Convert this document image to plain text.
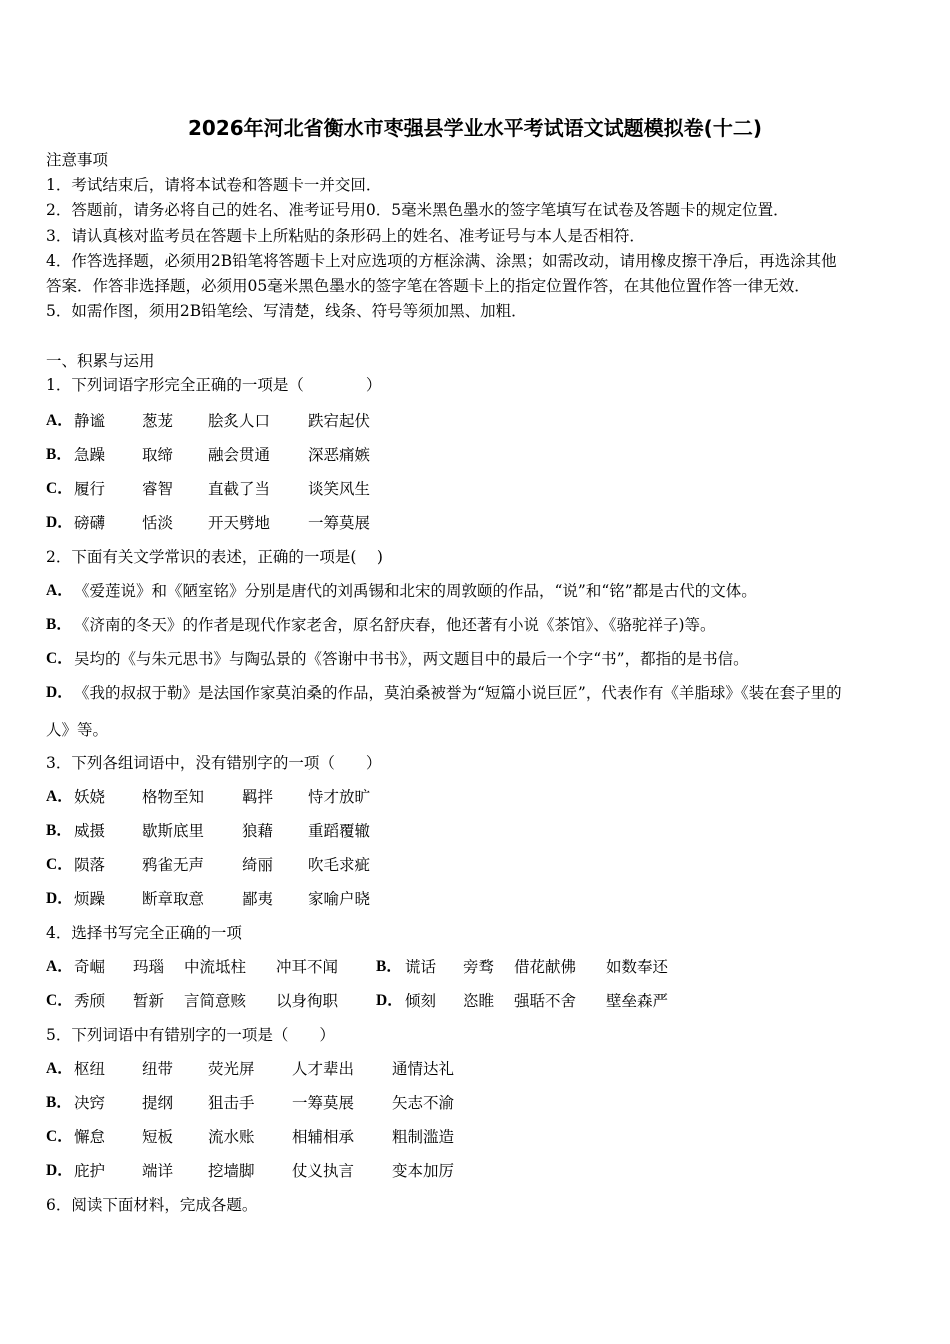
2026年河北省衡水市枣强县学业水平考试语文试题模拟卷(十二)
注意事项
1．考试结束后，请将本试卷和答题卡一并交回．
2．答题前，请务必将自己的姓名、准考证号用0．5毫米黑色墨水的签字笔填写在试卷及答题卡的规定位置．
3．请认真核对监考员在答题卡上所粘贴的条形码上的姓名、准考证号与本人是否相符．
4．作答选择题，必须用2B铅笔将答题卡上对应选项的方框涂满、涂黑；如需改动，请用橡皮擦干净后，再选涂其他
答案．作答非选择题，必须用05毫米黑色墨水的签字笔在答题卡上的指定位置作答，在其他位置作答一律无效．
5．如需作图，须用2B铅笔绘、写清楚，线条、符号等须加黑、加粗．
一、积累与运用
1．下列词语字形完全正确的一项是（　　　　）
A． 静谧 葱茏 脍炙人口 跌宕起伏
B． 急躁 取缔 融会贯通 深恶痛嫉
C． 履行 睿智 直截了当 谈笑风生
D． 磅礴 恬淡 开天劈地 一筹莫展
2．下面有关文学常识的表述，正确的一项是(　 )
A． 《爱莲说》和《陋室铭》分别是唐代的刘禹锡和北宋的周敦颐的作品，“说”和“铭”都是古代的文体。
B． 《济南的冬天》的作者是现代作家老舍，原名舒庆春，他还著有小说《茶馆》、《骆驼祥子)等。
C． 吴均的《与朱元思书》与陶弘景的《答谢中书书》，两文题目中的最后一个字“书”，都指的是书信。
D． 《我的叔叔于勒》是法国作家莫泊桑的作品，莫泊桑被誉为“短篇小说巨匠”，代表作有《羊脂球》《装在套子里的
人》等。
3．下列各组词语中，没有错别字的一项（　　）
A． 妖娆 格物至知 羁拌 恃才放旷
B． 威摄 歇斯底里 狼藉 重蹈覆辙
C． 陨落 鸦雀无声 绮丽 吹毛求疵
D． 烦躁 断章取意 鄙夷 家喻户晓
4．选择书写完全正确的一项
A． 奇崛 玛瑙 中流坻柱 冲耳不闻 B． 谎话 旁骛 借花献佛 如数奉还
C． 秀颀 暂新 言简意赅 以身徇职 D． 倾刻 恣睢 强聒不舍 壁垒森严
5．下列词语中有错别字的一项是（　　）
A． 枢纽 纽带 荧光屏 人才辈出 通情达礼
B． 决窍 提纲 狙击手 一筹莫展 矢志不渝
C． 懈怠 短板 流水账 相辅相承 粗制滥造
D． 庇护 端详 挖墙脚 仗义执言 变本加厉
6．阅读下面材料，完成各题。
